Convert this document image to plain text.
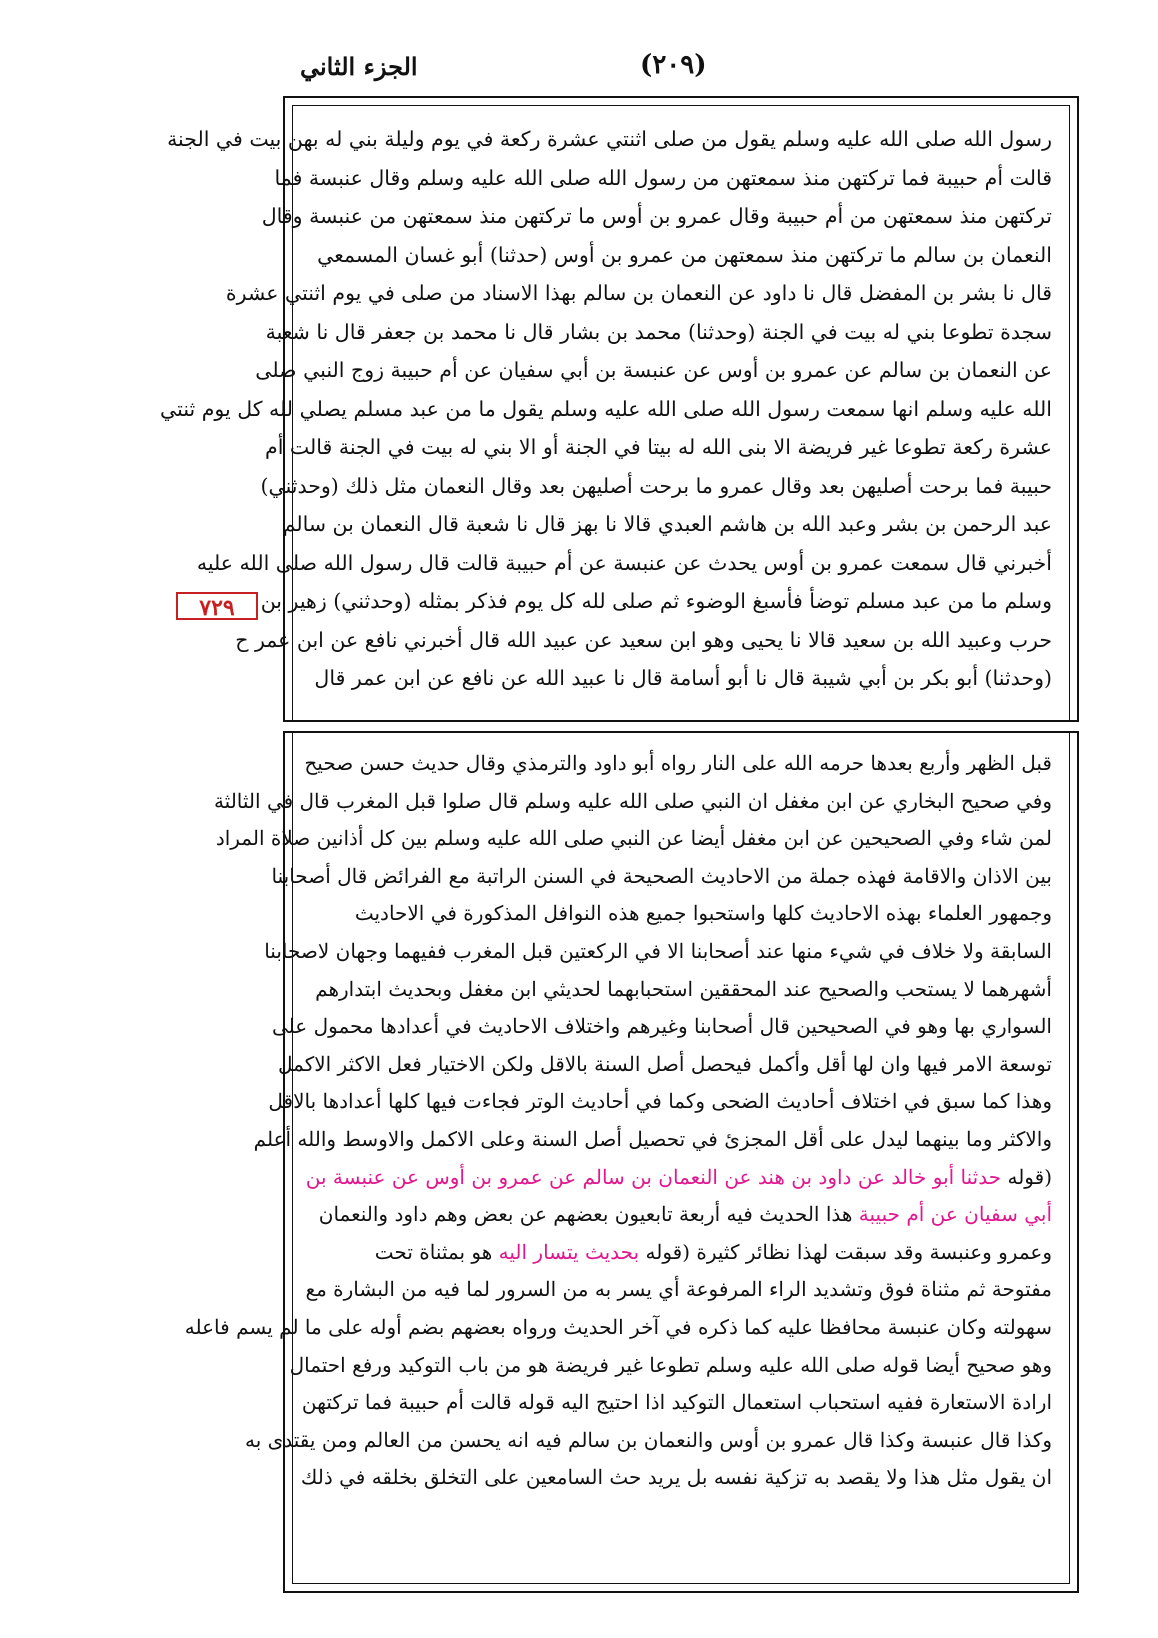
الجزء الثاني	(٢٠٩)
٧٢٩
رسول الله صلى الله عليه وسلم يقول من صلى اثنتي عشرة ركعة في يوم وليلة بني له بهن بيت في الجنة
قالت أم حبيبة فما تركتهن منذ سمعتهن من رسول الله صلى الله عليه وسلم وقال عنبسة فما
تركتهن منذ سمعتهن من أم حبيبة وقال عمرو بن أوس ما تركتهن منذ سمعتهن من عنبسة وقال
النعمان بن سالم ما تركتهن منذ سمعتهن من عمرو بن أوس (حدثنا) أبو غسان المسمعي
قال نا بشر بن المفضل قال نا داود عن النعمان بن سالم بهذا الاسناد من صلى في يوم اثنتي عشرة
سجدة تطوعا بني له بيت في الجنة (وحدثنا) محمد بن بشار قال نا محمد بن جعفر قال نا شعبة
عن النعمان بن سالم عن عمرو بن أوس عن عنبسة بن أبي سفيان عن أم حبيبة زوج النبي صلى
الله عليه وسلم انها سمعت رسول الله صلى الله عليه وسلم يقول ما من عبد مسلم يصلي لله كل يوم ثنتي
عشرة ركعة تطوعا غير فريضة الا بنى الله له بيتا في الجنة أو الا بني له بيت في الجنة قالت أم
حبيبة فما برحت أصليهن بعد وقال عمرو ما برحت أصليهن بعد وقال النعمان مثل ذلك (وحدثني)
عبد الرحمن بن بشر وعبد الله بن هاشم العبدي قالا نا بهز قال نا شعبة قال النعمان بن سالم
أخبرني قال سمعت عمرو بن أوس يحدث عن عنبسة عن أم حبيبة قالت قال رسول الله صلى الله عليه
وسلم ما من عبد مسلم توضأ فأسبغ الوضوء ثم صلى لله كل يوم فذكر بمثله (وحدثني) زهير بن
حرب وعبيد الله بن سعيد قالا نا يحيى وهو ابن سعيد عن عبيد الله قال أخبرني نافع عن ابن عمر ح
(وحدثنا) أبو بكر بن أبي شيبة قال نا أبو أسامة قال نا عبيد الله عن نافع عن ابن عمر قال
قبل الظهر وأربع بعدها حرمه الله على النار رواه أبو داود والترمذي وقال حديث حسن صحيح
وفي صحيح البخاري عن ابن مغفل ان النبي صلى الله عليه وسلم قال صلوا قبل المغرب قال في الثالثة
لمن شاء وفي الصحيحين عن ابن مغفل أيضا عن النبي صلى الله عليه وسلم بين كل أذانين صلاة المراد
بين الاذان والاقامة فهذه جملة من الاحاديث الصحيحة في السنن الراتبة مع الفرائض قال أصحابنا
وجمهور العلماء بهذه الاحاديث كلها واستحبوا جميع هذه النوافل المذكورة في الاحاديث
السابقة ولا خلاف في شيء منها عند أصحابنا الا في الركعتين قبل المغرب ففيهما وجهان لاصحابنا
أشهرهما لا يستحب والصحيح عند المحققين استحبابهما لحديثي ابن مغفل وبحديث ابتدارهم
السواري بها وهو في الصحيحين قال أصحابنا وغيرهم واختلاف الاحاديث في أعدادها محمول على
توسعة الامر فيها وان لها أقل وأكمل فيحصل أصل السنة بالاقل ولكن الاختيار فعل الاكثر الاكمل
وهذا كما سبق في اختلاف أحاديث الضحى وكما في أحاديث الوتر فجاءت فيها كلها أعدادها بالاقل
والاكثر وما بينهما ليدل على أقل المجزئ في تحصيل أصل السنة وعلى الاكمل والاوسط والله أعلم
(قوله حدثنا أبو خالد عن داود بن هند عن النعمان بن سالم عن عمرو بن أوس عن عنبسة بن
أبي سفيان عن أم حبيبة هذا الحديث فيه أربعة تابعيون بعضهم عن بعض وهم داود والنعمان
وعمرو وعنبسة وقد سبقت لهذا نظائر كثيرة (قوله بحديث يتسار اليه هو بمثناة تحت
مفتوحة ثم مثناة فوق وتشديد الراء المرفوعة أي يسر به من السرور لما فيه من البشارة مع
سهولته وكان عنبسة محافظا عليه كما ذكره في آخر الحديث ورواه بعضهم بضم أوله على ما لم يسم فاعله
وهو صحيح أيضا قوله صلى الله عليه وسلم تطوعا غير فريضة هو من باب التوكيد ورفع احتمال
ارادة الاستعارة ففيه استحباب استعمال التوكيد اذا احتيج اليه قوله قالت أم حبيبة فما تركتهن
وكذا قال عنبسة وكذا قال عمرو بن أوس والنعمان بن سالم فيه انه يحسن من العالم ومن يقتدى به
ان يقول مثل هذا ولا يقصد به تزكية نفسه بل يريد حث السامعين على التخلق بخلقه في ذلك
